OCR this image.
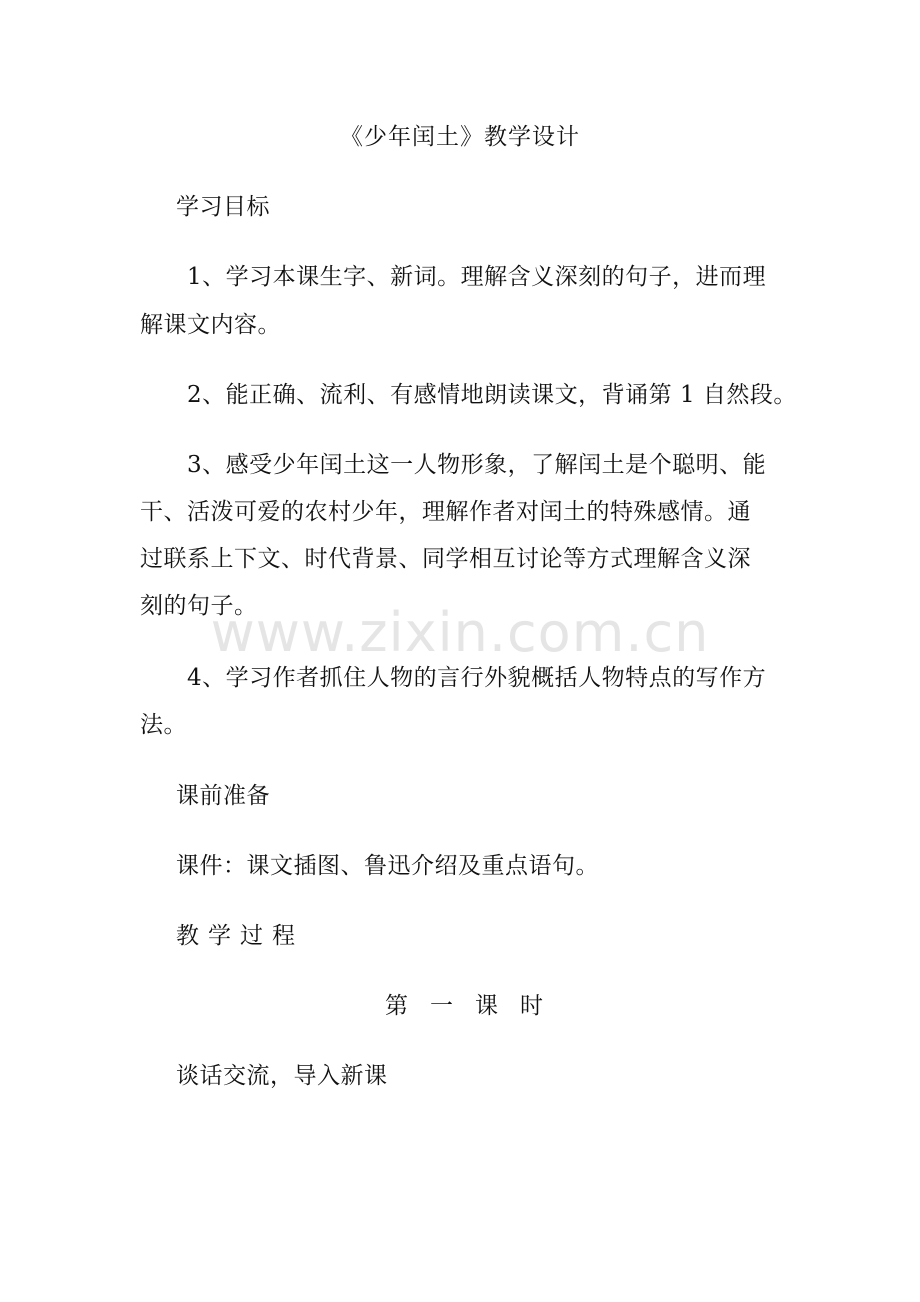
《少年闰土》教学设计
学习目标
　　1、学习本课生字、新词。理解含义深刻的句子，进而理
解课文内容。
　　2、能正确、流利、有感情地朗读课文，背诵第 1 自然段。
　　3、感受少年闰土这一人物形象，了解闰土是个聪明、能
干、活泼可爱的农村少年，理解作者对闰土的特殊感情。通
过联系上下文、时代背景、同学相互讨论等方式理解含义深
刻的句子。
　　4、学习作者抓住人物的言行外貌概括人物特点的写作方
法。
课前准备
课件：课文插图、鲁迅介绍及重点语句。
教学过程
第一课时
谈话交流，导入新课
www.zixin.com.cn
